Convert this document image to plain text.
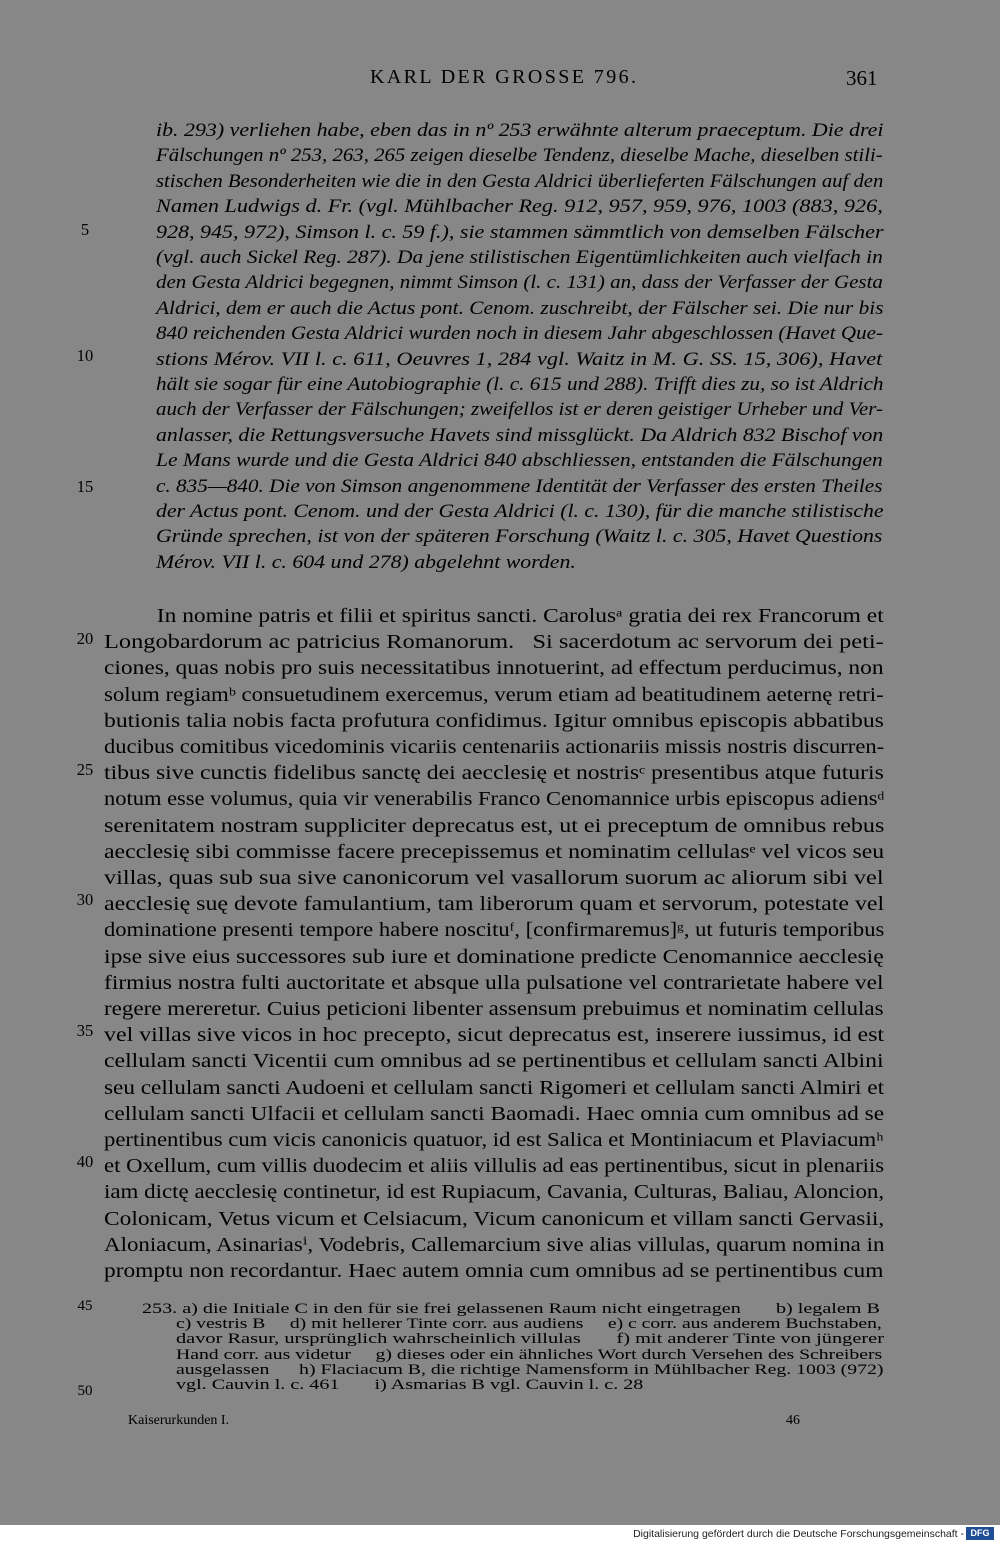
KARL DER GROSSE 796.	361
ib. 293) verliehen habe, eben das in nº 253 erwähnte alterum praeceptum. Die drei
Fälschungen nº 253, 263, 265 zeigen dieselbe Tendenz, dieselbe Mache, dieselben stili-
stischen Besonderheiten wie die in den Gesta Aldrici überlieferten Fälschungen auf den
Namen Ludwigs d. Fr. (vgl. Mühlbacher Reg. 912, 957, 959, 976, 1003 (883, 926,
928, 945, 972), Simson l. c. 59 f.), sie stammen sämmtlich von demselben Fälscher
(vgl. auch Sickel Reg. 287). Da jene stilistischen Eigentümlichkeiten auch vielfach in
den Gesta Aldrici begegnen, nimmt Simson (l. c. 131) an, dass der Verfasser der Gesta
Aldrici, dem er auch die Actus pont. Cenom. zuschreibt, der Fälscher sei. Die nur bis
840 reichenden Gesta Aldrici wurden noch in diesem Jahr abgeschlossen (Havet Que-
stions Mérov. VII l. c. 611, Oeuvres 1, 284 vgl. Waitz in M. G. SS. 15, 306), Havet
hält sie sogar für eine Autobiographie (l. c. 615 und 288). Trifft dies zu, so ist Aldrich
auch der Verfasser der Fälschungen; zweifellos ist er deren geistiger Urheber und Ver-
anlasser, die Rettungsversuche Havets sind missglückt. Da Aldrich 832 Bischof von
Le Mans wurde und die Gesta Aldrici 840 abschliessen, entstanden die Fälschungen
c. 835—840. Die von Simson angenommene Identität der Verfasser des ersten Theiles
der Actus pont. Cenom. und der Gesta Aldrici (l. c. 130), für die manche stilistische
Gründe sprechen, ist von der späteren Forschung (Waitz l. c. 305, Havet Questions
Mérov. VII l. c. 604 und 278) abgelehnt worden.
In nomine patris et filii et spiritus sancti. Carolusᵃ gratia dei rex Francorum et
Longobardorum ac patricius Romanorum.   Si sacerdotum ac servorum dei peti-
ciones, quas nobis pro suis necessitatibus innotuerint, ad effectum perducimus, non
solum regiamᵇ consuetudinem exercemus, verum etiam ad beatitudinem aeternę retri-
butionis talia nobis facta profutura confidimus. Igitur omnibus episcopis abbatibus
ducibus comitibus vicedominis vicariis centenariis actionariis missis nostris discurren-
tibus sive cunctis fidelibus sanctę dei aecclesię et nostrisᶜ presentibus atque futuris
notum esse volumus, quia vir venerabilis Franco Cenomannice urbis episcopus adiensᵈ
serenitatem nostram suppliciter deprecatus est, ut ei preceptum de omnibus rebus
aecclesię sibi commisse facere precepissemus et nominatim cellulasᵉ vel vicos seu
villas, quas sub sua sive canonicorum vel vasallorum suorum ac aliorum sibi vel
aecclesię suę devote famulantium, tam liberorum quam et servorum, potestate vel
dominatione presenti tempore habere noscituᶠ, [confirmaremus]ᵍ, ut futuris temporibus
ipse sive eius successores sub iure et dominatione predicte Cenomannice aecclesię
firmius nostra fulti auctoritate et absque ulla pulsatione vel contrarietate habere vel
regere mereretur. Cuius peticioni libenter assensum prebuimus et nominatim cellulas
vel villas sive vicos in hoc precepto, sicut deprecatus est, inserere iussimus, id est
cellulam sancti Vicentii cum omnibus ad se pertinentibus et cellulam sancti Albini
seu cellulam sancti Audoeni et cellulam sancti Rigomeri et cellulam sancti Almiri et
cellulam sancti Ulfacii et cellulam sancti Baomadi. Haec omnia cum omnibus ad se
pertinentibus cum vicis canonicis quatuor, id est Salica et Montiniacum et Plaviacumʰ
et Oxellum, cum villis duodecim et aliis villulis ad eas pertinentibus, sicut in plenariis
iam dictę aecclesię continetur, id est Rupiacum, Cavania, Culturas, Baliau, Aloncion,
Colonicam, Vetus vicum et Celsiacum, Vicum canonicum et villam sancti Gervasii,
Aloniacum, Asinariasⁱ, Vodebris, Callemarcium sive alias villulas, quarum nomina in
promptu non recordantur. Haec autem omnia cum omnibus ad se pertinentibus cum
253. a) die Initiale C in den für sie frei gelassenen Raum nicht eingetragen       b) legalem B
c) vestris B     d) mit hellerer Tinte corr. aus audiens     e) c corr. aus anderem Buchstaben,
davor Rasur, ursprünglich wahrscheinlich villulas       f) mit anderer Tinte von jüngerer
Hand corr. aus videtur     g) dieses oder ein ähnliches Wort durch Versehen des Schreibers
ausgelassen      h) Flaciacum B, die richtige Namensform in Mühlbacher Reg. 1003 (972)
vgl. Cauvin l. c. 461       i) Asmarias B vgl. Cauvin l. c. 28
5
10
15
20
25
30
35
40
45
50
Kaiserurkunden I.	46
Digitalisierung gefördert durch die Deutsche Forschungsgemeinschaft - DFG
